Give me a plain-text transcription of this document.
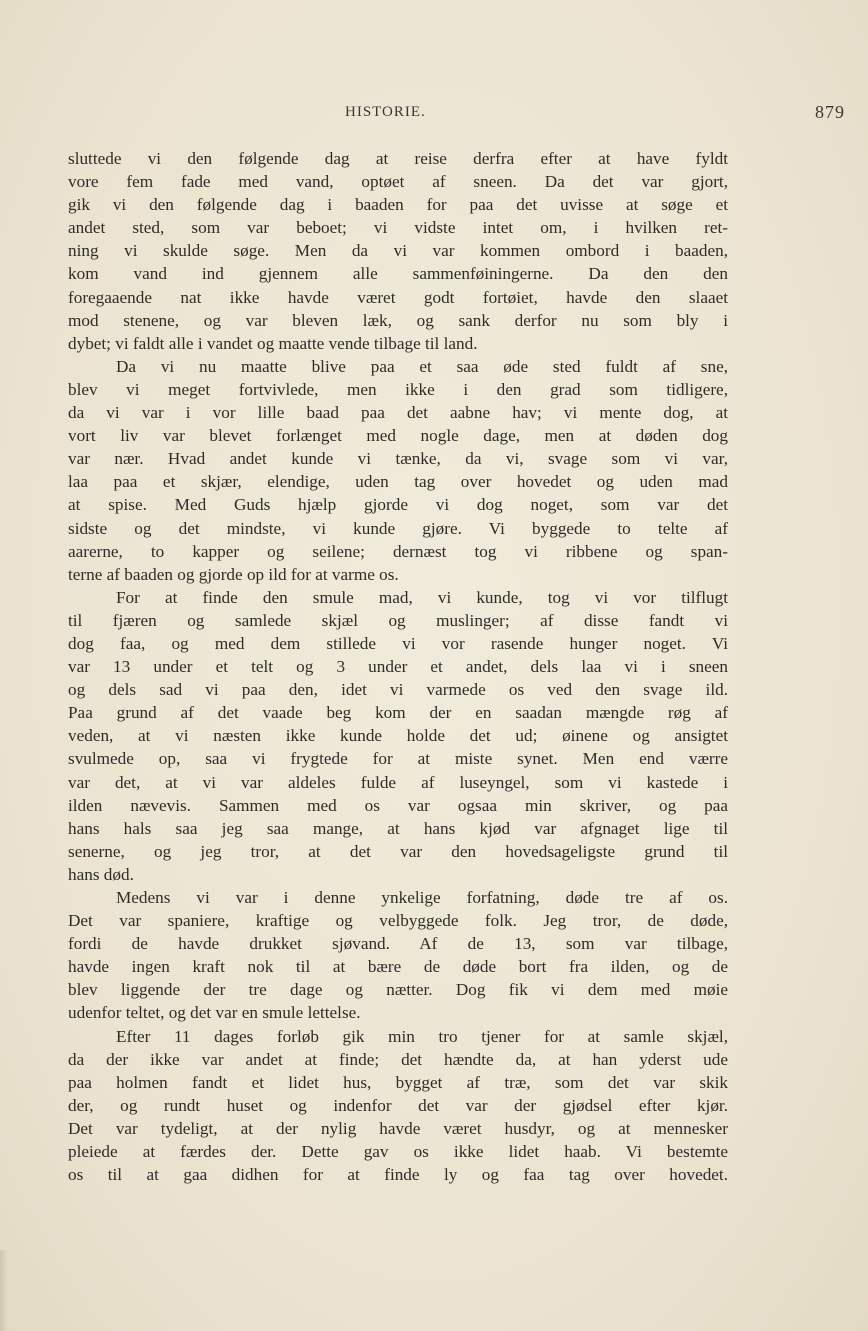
HISTORIE.	879
sluttede vi den følgende dag at reise derfra efter at have fyldt
vore fem fade med vand, optøet af sneen. Da det var gjort,
gik vi den følgende dag i baaden for paa det uvisse at søge et
andet sted, som var beboet; vi vidste intet om, i hvilken ret-
ning vi skulde søge. Men da vi var kommen ombord i baaden,
kom vand ind gjennem alle sammenføiningerne. Da den den
foregaaende nat ikke havde været godt fortøiet, havde den slaaet
mod stenene, og var bleven læk, og sank derfor nu som bly i
dybet; vi faldt alle i vandet og maatte vende tilbage til land.
Da vi nu maatte blive paa et saa øde sted fuldt af sne,
blev vi meget fortvivlede, men ikke i den grad som tidligere,
da vi var i vor lille baad paa det aabne hav; vi mente dog, at
vort liv var blevet forlænget med nogle dage, men at døden dog
var nær. Hvad andet kunde vi tænke, da vi, svage som vi var,
laa paa et skjær, elendige, uden tag over hovedet og uden mad
at spise. Med Guds hjælp gjorde vi dog noget, som var det
sidste og det mindste, vi kunde gjøre. Vi byggede to telte af
aarerne, to kapper og seilene; dernæst tog vi ribbene og span-
terne af baaden og gjorde op ild for at varme os.
For at finde den smule mad, vi kunde, tog vi vor tilflugt
til fjæren og samlede skjæl og muslinger; af disse fandt vi
dog faa, og med dem stillede vi vor rasende hunger noget. Vi
var 13 under et telt og 3 under et andet, dels laa vi i sneen
og dels sad vi paa den, idet vi varmede os ved den svage ild.
Paa grund af det vaade beg kom der en saadan mængde røg af
veden, at vi næsten ikke kunde holde det ud; øinene og ansigtet
svulmede op, saa vi frygtede for at miste synet. Men end værre
var det, at vi var aldeles fulde af luseyngel, som vi kastede i
ilden nævevis. Sammen med os var ogsaa min skriver, og paa
hans hals saa jeg saa mange, at hans kjød var afgnaget lige til
senerne, og jeg tror, at det var den hovedsageligste grund til
hans død.
Medens vi var i denne ynkelige forfatning, døde tre af os.
Det var spaniere, kraftige og velbyggede folk. Jeg tror, de døde,
fordi de havde drukket sjøvand. Af de 13, som var tilbage,
havde ingen kraft nok til at bære de døde bort fra ilden, og de
blev liggende der tre dage og nætter. Dog fik vi dem med møie
udenfor teltet, og det var en smule lettelse.
Efter 11 dages forløb gik min tro tjener for at samle skjæl,
da der ikke var andet at finde; det hændte da, at han yderst ude
paa holmen fandt et lidet hus, bygget af træ, som det var skik
der, og rundt huset og indenfor det var der gjødsel efter kjør.
Det var tydeligt, at der nylig havde været husdyr, og at mennesker
pleiede at færdes der. Dette gav os ikke lidet haab. Vi bestemte
os til at gaa didhen for at finde ly og faa tag over hovedet.
